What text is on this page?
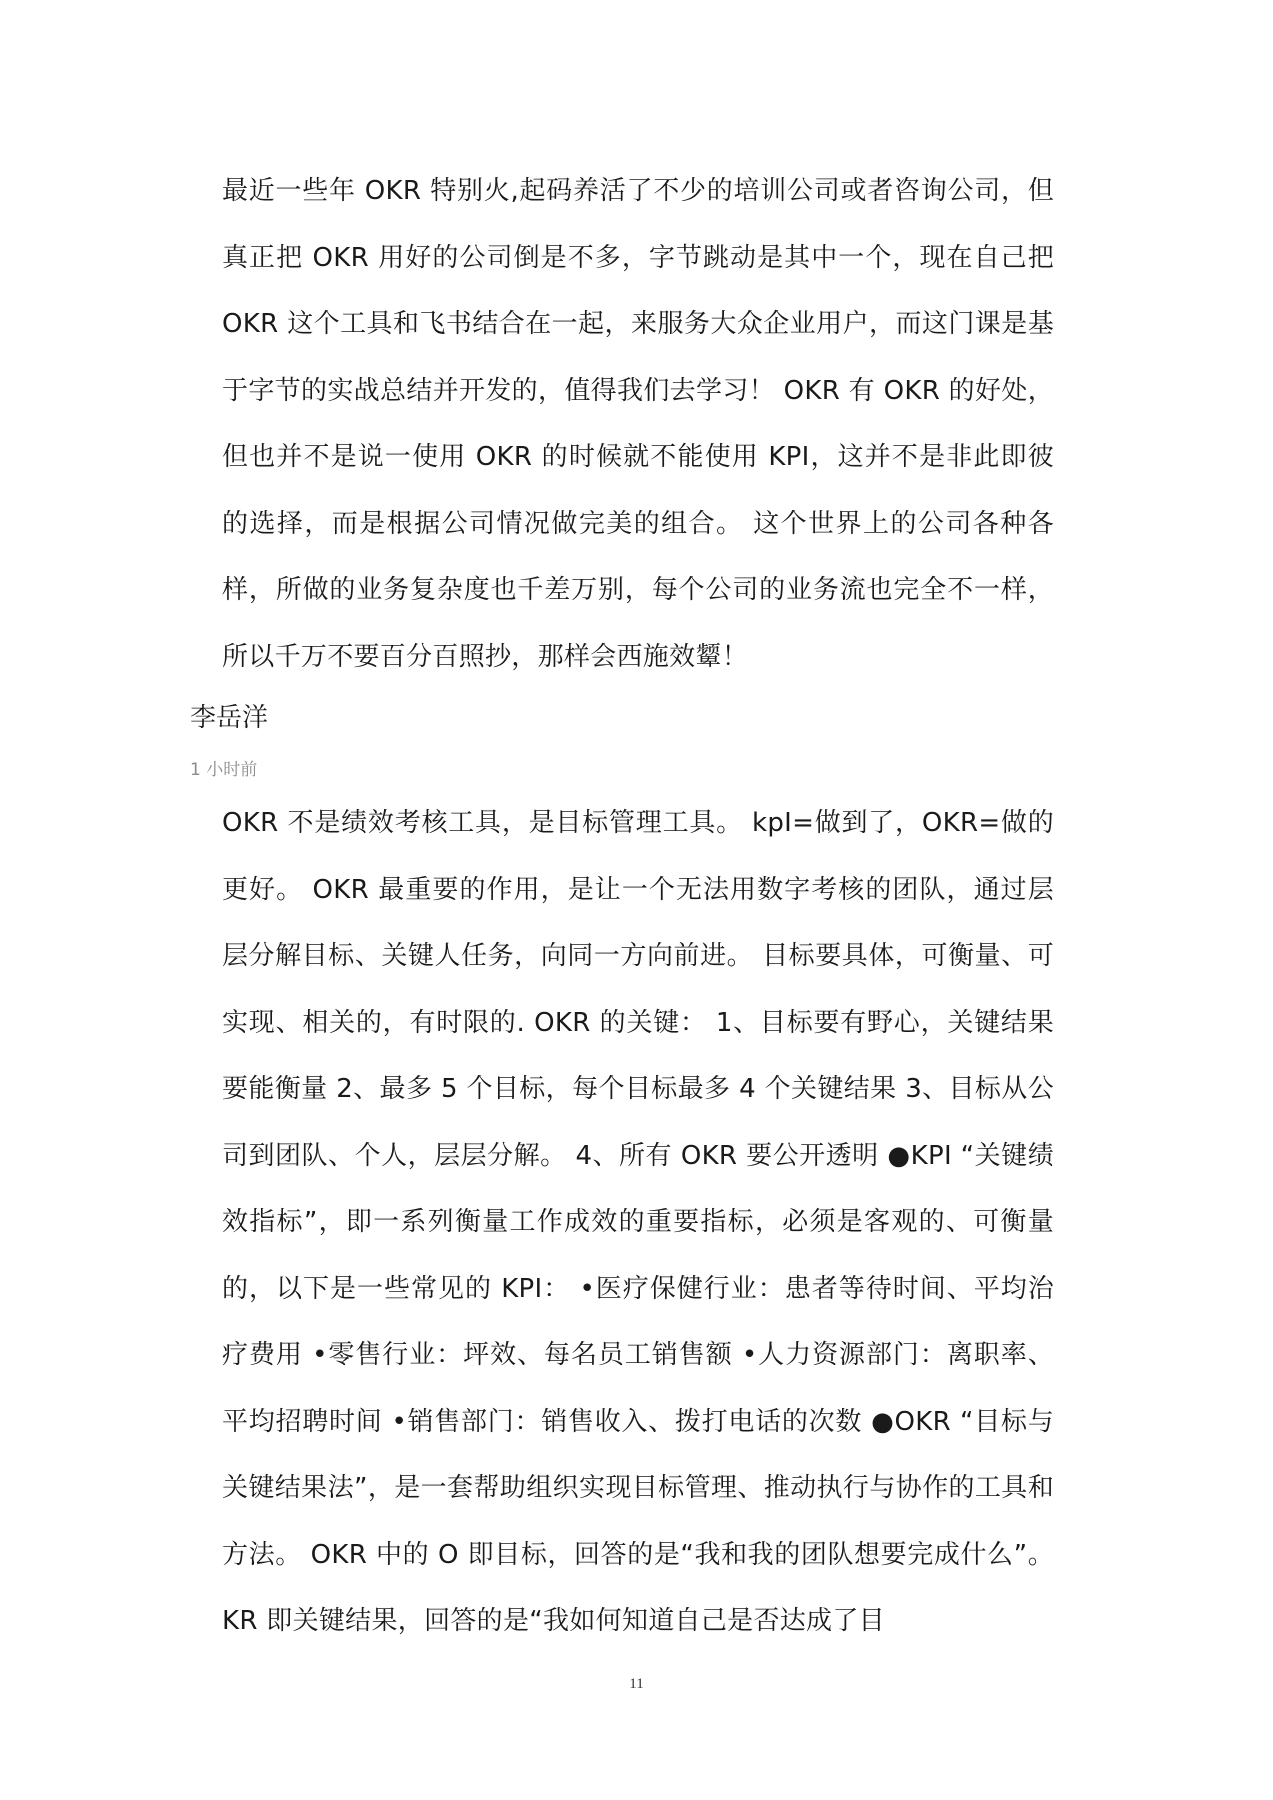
最近一些年 OKR 特别火,起码养活了不少的培训公司或者咨询公司，但真正把 OKR 用好的公司倒是不多，字节跳动是其中一个，现在自己把 OKR 这个工具和飞书结合在一起，来服务大众企业用户，而这门课是基于字节的实战总结并开发的，值得我们去学习！ OKR 有 OKR 的好处，但也并不是说一使用 OKR 的时候就不能使用 KPI，这并不是非此即彼的选择，而是根据公司情况做完美的组合。 这个世界上的公司各种各样，所做的业务复杂度也千差万别，每个公司的业务流也完全不一样，所以千万不要百分百照抄，那样会西施效颦！

李岳洋

1 小时前

OKR 不是绩效考核工具，是目标管理工具。 kpI=做到了，OKR=做的更好。 OKR 最重要的作用，是让一个无法用数字考核的团队，通过层层分解目标、关键人任务，向同一方向前进。 目标要具体，可衡量、可实现、相关的，有时限的. OKR 的关键： 1、目标要有野心，关键结果要能衡量 2、最多 5 个目标，每个目标最多 4 个关键结果 3、目标从公司到团队、个人，层层分解。 4、所有 OKR 要公开透明 ●KPI “关键绩效指标”，即一系列衡量工作成效的重要指标，必须是客观的、可衡量的，以下是一些常见的 KPI： •医疗保健行业：患者等待时间、平均治疗费用 •零售行业：坪效、每名员工销售额 •人力资源部门：离职率、平均招聘时间 •销售部门：销售收入、拨打电话的次数 ●OKR “目标与关键结果法”，是一套帮助组织实现目标管理、推动执行与协作的工具和方法。 OKR 中的 O 即目标，回答的是“我和我的团队想要完成什么”。KR 即关键结果，回答的是“我如何知道自己是否达成了目

11
